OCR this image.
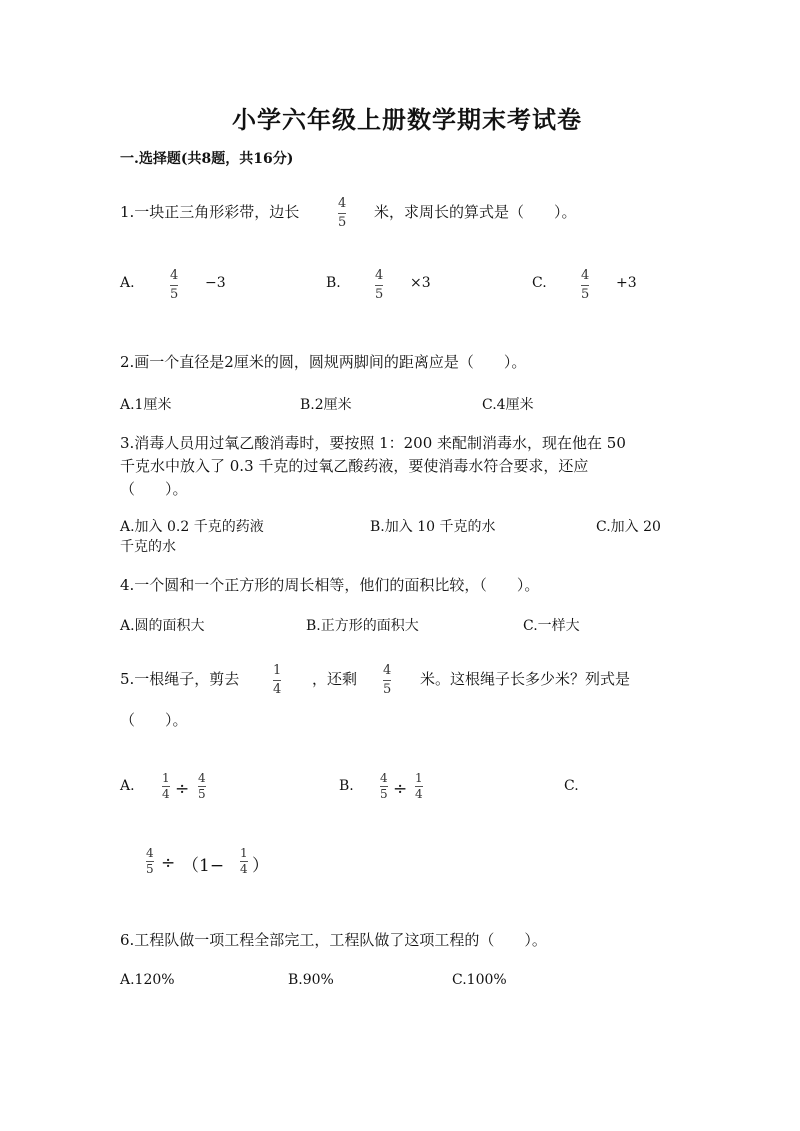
小学六年级上册数学期末考试卷
一.选择题(共8题，共16分)
1.一块正三角形彩带，边长	4
5
米，求周长的算式是（　　）。
A.	4
5
−3	B.	4
5
×3	C.	4
5
+3
2.画一个直径是2厘米的圆，圆规两脚间的距离应是（　　）。
A.1厘米	B.2厘米	C.4厘米
3.消毒人员用过氧乙酸消毒时，要按照 1：200 来配制消毒水，现在他在 50
千克水中放入了 0.3 千克的过氧乙酸药液，要使消毒水符合要求，还应
（　　）。
A.加入 0.2 千克的药液	B.加入 10 千克的水	C.加入 20
千克的水
4.一个圆和一个正方形的周长相等，他们的面积比较，（　　）。
A.圆的面积大	B.正方形的面积大	C.一样大
5.一根绳子，剪去	1
4
，还剩 4
5
米。这根绳子长多少米？列式是
（　　）。
A. 1
4 ÷
4
5	B. 4
5 ÷
1
4	C.
4
5 ÷ （1−
1
4 ）
6.工程队做一项工程全部完工，工程队做了这项工程的（　　）。
A.120%	B.90%	C.100%
